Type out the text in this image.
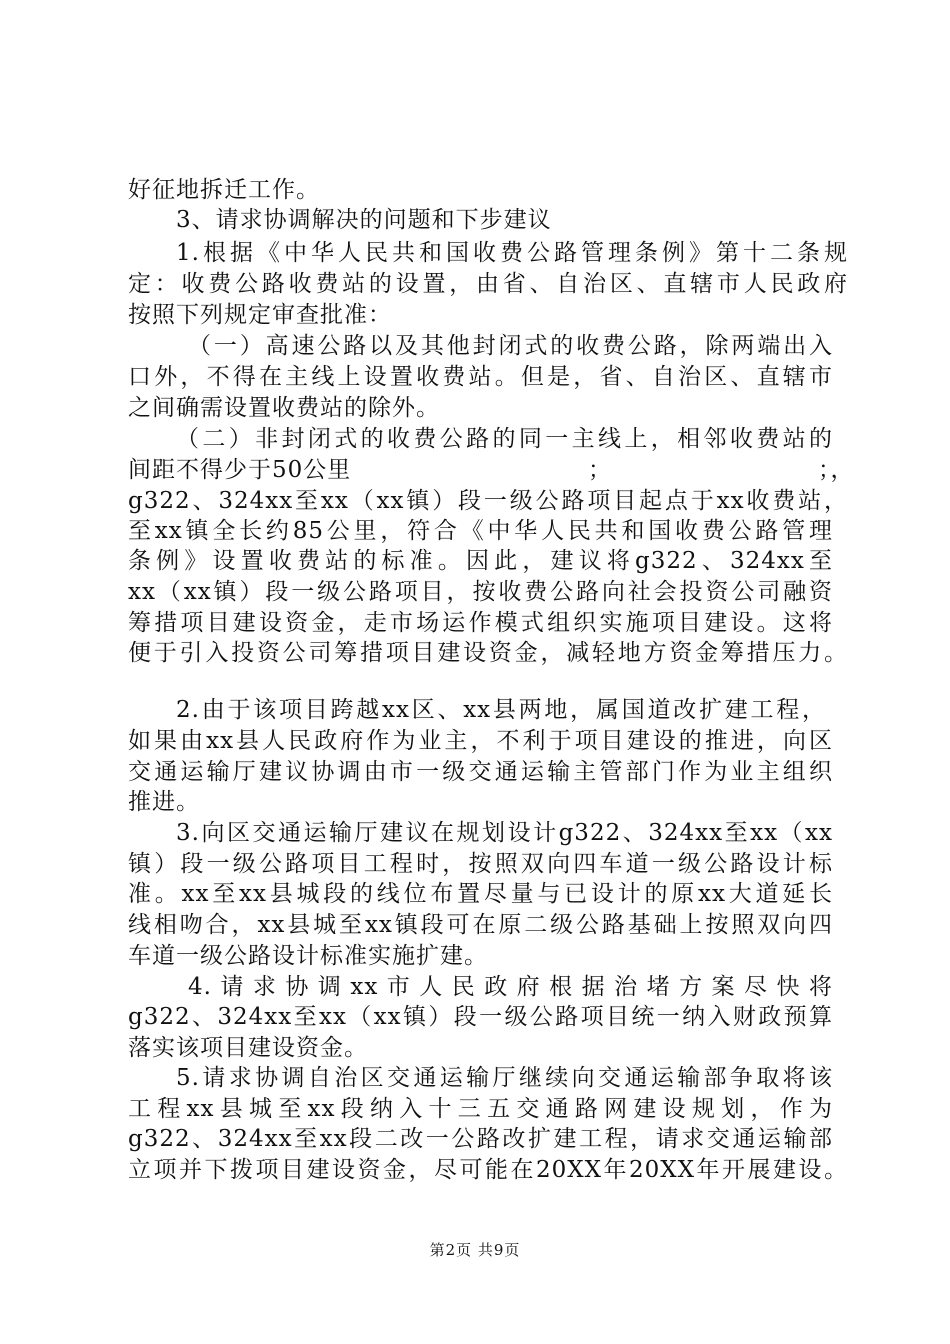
好征地拆迁工作。
3、请求协调解决的问题和下步建议
1.根据《中华人民共和国收费公路管理条例》第十二条规
定：收费公路收费站的设置，由省、自治区、直辖市人民政府
按照下列规定审查批准：
（一）高速公路以及其他封闭式的收费公路，除两端出入
口外，不得在主线上设置收费站。但是，省、自治区、直辖市
之间确需设置收费站的除外。
（二）非封闭式的收费公路的同一主线上，相邻收费站的
间距不得少于50公里	；	；，
g322、324xx至xx（xx镇）段一级公路项目起点于xx收费站，
至xx镇全长约85公里，符合《中华人民共和国收费公路管理
条例》设置收费站的标准。因此，建议将g322、324xx至
xx（xx镇）段一级公路项目，按收费公路向社会投资公司融资
筹措项目建设资金，走市场运作模式组织实施项目建设。这将
便于引入投资公司筹措项目建设资金，减轻地方资金筹措压力。
2.由于该项目跨越xx区、xx县两地，属国道改扩建工程，
如果由xx县人民政府作为业主，不利于项目建设的推进，向区
交通运输厅建议协调由市一级交通运输主管部门作为业主组织
推进。
3.向区交通运输厅建议在规划设计g322、324xx至xx（xx
镇）段一级公路项目工程时，按照双向四车道一级公路设计标
准。xx至xx县城段的线位布置尽量与已设计的原xx大道延长
线相吻合，xx县城至xx镇段可在原二级公路基础上按照双向四
车道一级公路设计标准实施扩建。
4.请求协调xx市人民政府根据治堵方案尽快将
g322、324xx至xx（xx镇）段一级公路项目统一纳入财政预算
落实该项目建设资金。
5.请求协调自治区交通运输厅继续向交通运输部争取将该
工程xx县城至xx段纳入十三五交通路网建设规划，作为
g322、324xx至xx段二改一公路改扩建工程，请求交通运输部
立项并下拨项目建设资金，尽可能在20XX年20XX年开展建设。
第2页 共9页
